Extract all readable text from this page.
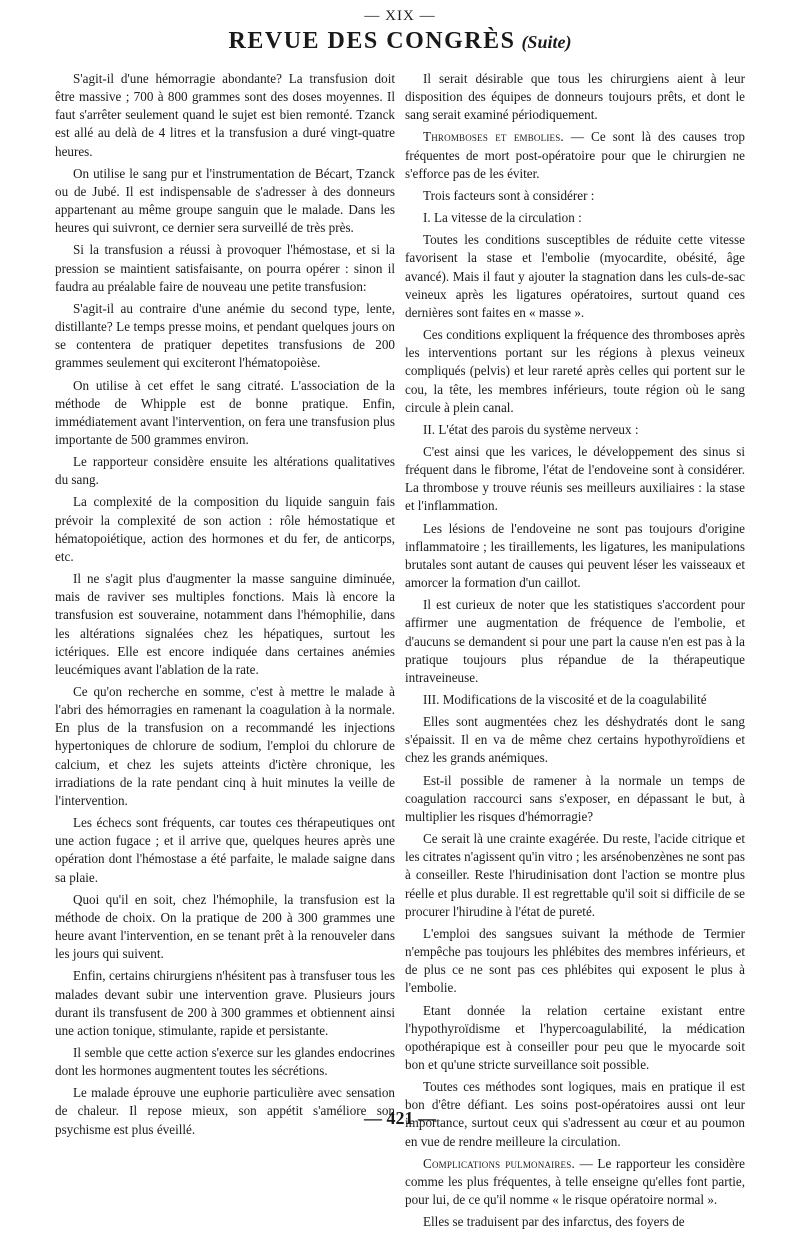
— XIX —
REVUE DES CONGRÈS (Suite)

S'agit-il d'une hémorragie abondante? La transfusion doit être massive ; 700 à 800 grammes sont des doses moyennes. Il faut s'arrêter seulement quand le sujet est bien remonté. Tzanck est allé au delà de 4 litres et la transfusion a duré vingt-quatre heures.

On utilise le sang pur et l'instrumentation de Bécart, Tzanck ou de Jubé. Il est indispensable de s'adresser à des donneurs appartenant au même groupe sanguin que le malade. Dans les heures qui suivront, ce dernier sera surveillé de très près.

Si la transfusion a réussi à provoquer l'hémostase, et si la pression se maintient satisfaisante, on pourra opérer : sinon il faudra au préalable faire de nouveau une petite transfusion:

S'agit-il au contraire d'une anémie du second type, lente, distillante? Le temps presse moins, et pendant quelques jours on se contentera de pratiquer depetites transfusions de 200 grammes seulement qui exciteront l'hématopoièse.

On utilise à cet effet le sang citraté. L'association de la méthode de Whipple est de bonne pratique. Enfin, immédiatement avant l'intervention, on fera une transfusion plus importante de 500 grammes environ.

Le rapporteur considère ensuite les altérations qualitatives du sang.

La complexité de la composition du liquide sanguin fais prévoir la complexité de son action : rôle hémostatique et hématopoiétique, action des hormones et du fer, de anticorps, etc.

Il ne s'agit plus d'augmenter la masse sanguine diminuée, mais de raviver ses multiples fonctions. Mais là encore la transfusion est souveraine, notamment dans l'hémophilie, dans les altérations signalées chez les hépatiques, surtout les ictériques. Elle est encore indiquée dans certaines anémies leucémiques avant l'ablation de la rate.

Ce qu'on recherche en somme, c'est à mettre le malade à l'abri des hémorragies en ramenant la coagulation à la normale. En plus de la transfusion on a recommandé les injections hypertoniques de chlorure de sodium, l'emploi du chlorure de calcium, et chez les sujets atteints d'ictère chronique, les irradiations de la rate pendant cinq à huit minutes la veille de l'intervention.

Les échecs sont fréquents, car toutes ces thérapeutiques ont une action fugace ; et il arrive que, quelques heures après une opération dont l'hémostase a été parfaite, le malade saigne dans sa plaie.

Quoi qu'il en soit, chez l'hémophile, la transfusion est la méthode de choix. On la pratique de 200 à 300 grammes une heure avant l'intervention, en se tenant prêt à la renouveler dans les jours qui suivent.

Enfin, certains chirurgiens n'hésitent pas à transfuser tous les malades devant subir une intervention grave. Plusieurs jours durant ils transfusent de 200 à 300 grammes et obtiennent ainsi une action tonique, stimulante, rapide et persistante.

Il semble que cette action s'exerce sur les glandes endocrines dont les hormones augmentent toutes les sécrétions.

Le malade éprouve une euphorie particulière avec sensation de chaleur. Il repose mieux, son appétit s'améliore son psychisme est plus éveillé.

Il serait désirable que tous les chirurgiens aient à leur disposition des équipes de donneurs toujours prêts, et dont le sang serait examiné périodiquement.

Thromboses et embolies. — Ce sont là des causes trop fréquentes de mort post-opératoire pour que le chirurgien ne s'efforce pas de les éviter.

Trois facteurs sont à considérer :

I. La vitesse de la circulation :

Toutes les conditions susceptibles de réduite cette vitesse favorisent la stase et l'embolie (myocardite, obésité, âge avancé). Mais il faut y ajouter la stagnation dans les culs-de-sac veineux après les ligatures opératoires, surtout quand ces dernières sont faites en « masse ».

Ces conditions expliquent la fréquence des thromboses après les interventions portant sur les régions à plexus veineux compliqués (pelvis) et leur rareté après celles qui portent sur le cou, la tête, les membres inférieurs, toute région où le sang circule à plein canal.

II. L'état des parois du système nerveux :

C'est ainsi que les varices, le développement des sinus si fréquent dans le fibrome, l'état de l'endoveine sont à considérer. La thrombose y trouve réunis ses meilleurs auxiliaires : la stase et l'inflammation.

Les lésions de l'endoveine ne sont pas toujours d'origine inflammatoire ; les tiraillements, les ligatures, les manipulations brutales sont autant de causes qui peuvent léser les vaisseaux et amorcer la formation d'un caillot.

Il est curieux de noter que les statistiques s'accordent pour affirmer une augmentation de fréquence de l'embolie, et d'aucuns se demandent si pour une part la cause n'en est pas à la pratique toujours plus répandue de la thérapeutique intraveineuse.

III. Modifications de la viscosité et de la coagulabilité

Elles sont augmentées chez les déshydratés dont le sang s'épaissit. Il en va de même chez certains hypothyroïdiens et chez les grands anémiques.

Est-il possible de ramener à la normale un temps de coagulation raccourci sans s'exposer, en dépassant le but, à multiplier les risques d'hémorragie?

Ce serait là une crainte exagérée. Du reste, l'acide citrique et les citrates n'agissent qu'in vitro ; les arsénobenzènes ne sont pas à conseiller. Reste l'hirudinisation dont l'action se montre plus réelle et plus durable. Il est regrettable qu'il soit si difficile de se procurer l'hirudine à l'état de pureté.

L'emploi des sangsues suivant la méthode de Termier n'empêche pas toujours les phlébites des membres inférieurs, et de plus ce ne sont pas ces phlébites qui exposent le plus à l'embolie.

Etant donnée la relation certaine existant entre l'hypothyroïdisme et l'hypercoagulabilité, la médication opothérapique est à conseiller pour peu que le myocarde soit bon et qu'une stricte surveillance soit possible.

Toutes ces méthodes sont logiques, mais en pratique il est bon d'être défiant. Les soins post-opératoires aussi ont leur importance, surtout ceux qui s'adressent au cœur et au poumon en vue de rendre meilleure la circulation.

Complications pulmonaires. — Le rapporteur les considère comme les plus fréquentes, à telle enseigne qu'elles font partie, pour lui, de ce qu'il nomme « le risque opératoire normal ».

Elles se traduisent par des infarctus, des foyers de

— 421 —
